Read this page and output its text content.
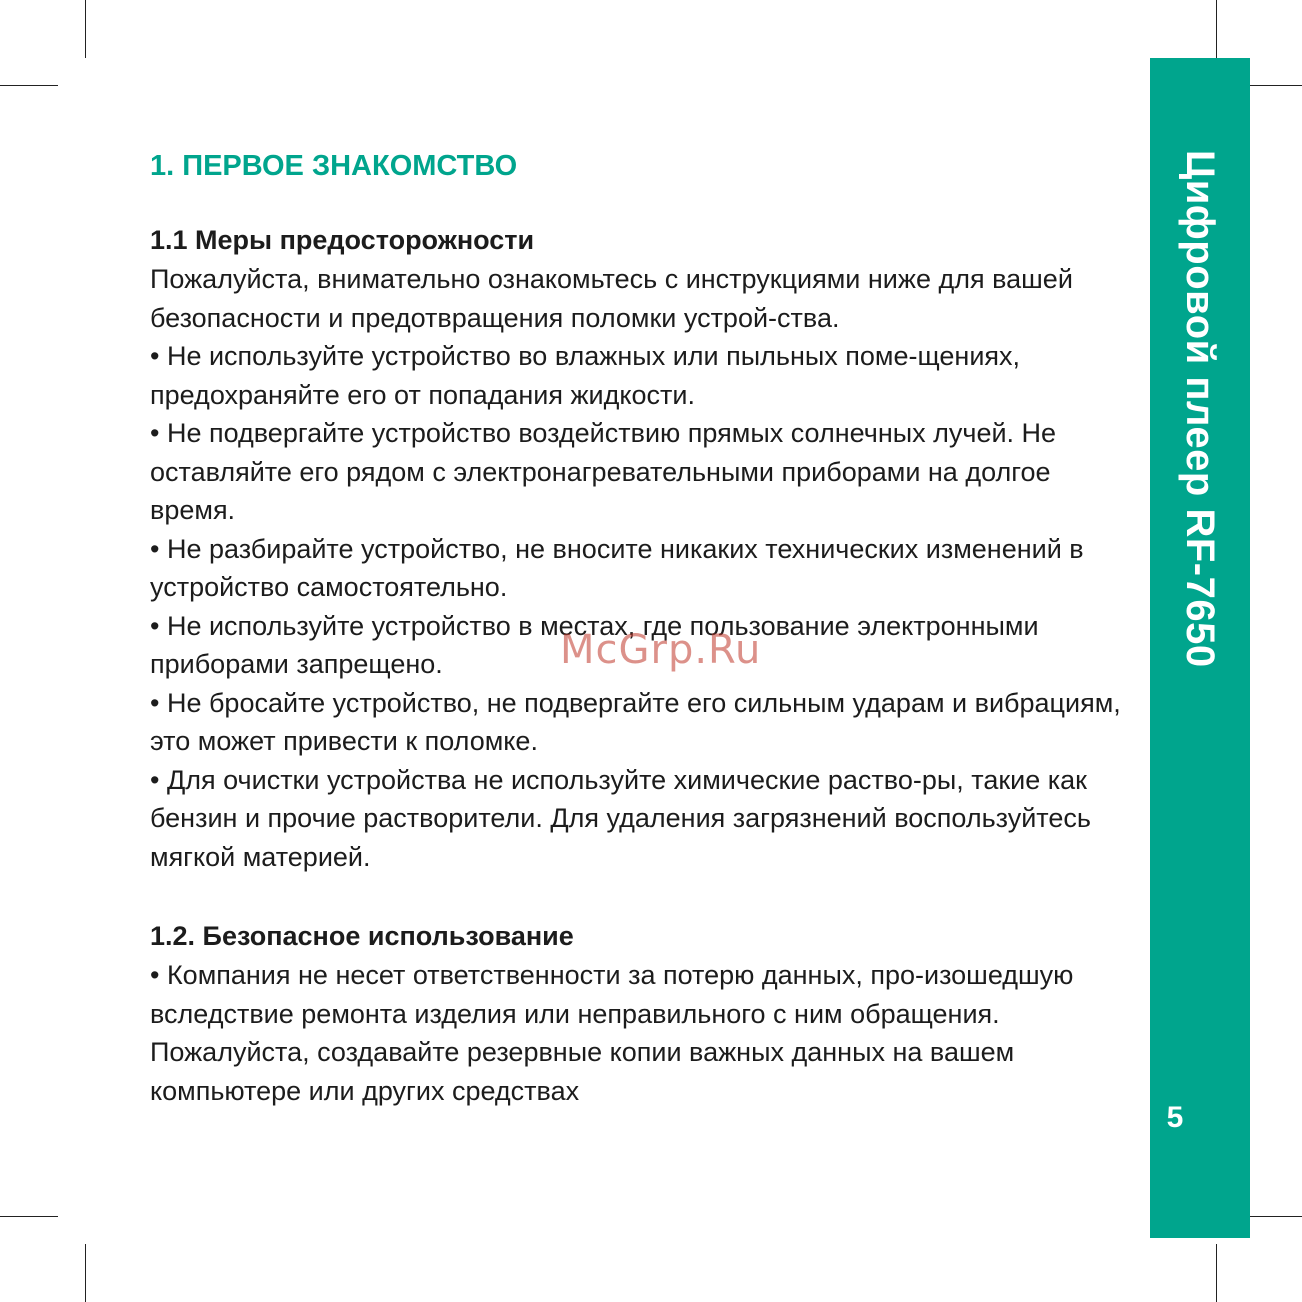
Цифровой плеер RF-7650
5
1. ПЕРВОЕ ЗНАКОМСТВО
1.1 Меры предосторожности

Пожалуйста, внимательно ознакомьтесь с инструкциями ниже для вашей безопасности и предотвращения поломки устрой-ства.

• Не используйте устройство во влажных или пыльных поме-щениях, предохраняйте его от попадания жидкости.

• Не подвергайте устройство воздействию прямых солнечных лучей. Не оставляйте его рядом с электронагревательными приборами на долгое время.

• Не разбирайте устройство, не вносите никаких технических изменений в устройство самостоятельно.

• Не используйте устройство в местах, где пользование электронными приборами запрещено.

• Не бросайте устройство, не подвергайте его сильным ударам и вибрациям, это может привести к поломке.

• Для очистки устройства не используйте химические раство-ры, такие как бензин и прочие растворители. Для удаления загрязнений воспользуйтесь мягкой материей.

1.2. Безопасное использование

• Компания не несет ответственности за потерю данных, про-изошедшую вследствие ремонта изделия или неправильного с ним обращения. Пожалуйста, создавайте резервные копии важных данных на вашем компьютере или других средствах

McGrp.Ru
